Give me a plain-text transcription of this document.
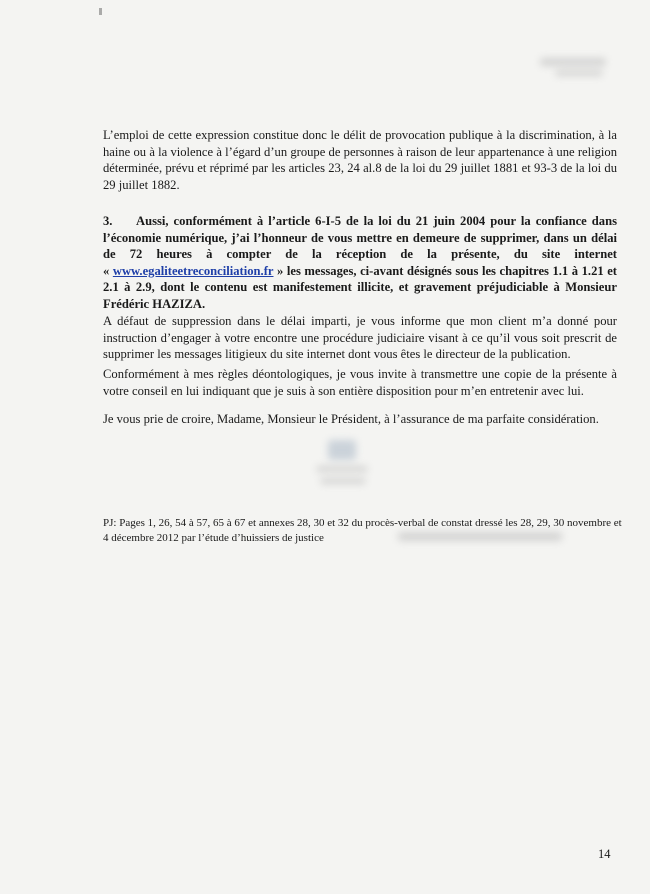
L’emploi de cette expression constitue donc le délit de provocation publique à la discrimination, à la haine ou à la violence à l’égard d’un groupe de personnes à raison de leur appartenance à une religion déterminée, prévu et réprimé par les articles 23, 24 al.8 de la loi du 29 juillet 1881 et 93-3 de la loi du 29 juillet 1882.

3. Aussi, conformément à l’article 6-I-5 de la loi du 21 juin 2004 pour la confiance dans l’économie numérique, j’ai l’honneur de vous mettre en demeure de supprimer, dans un délai de 72 heures à compter de la réception de la présente, du site internet « www.egaliteetreconciliation.fr » les messages, ci-avant désignés sous les chapitres 1.1 à 1.21 et 2.1 à 2.9, dont le contenu est manifestement illicite, et gravement préjudiciable à Monsieur Frédéric HAZIZA.

A défaut de suppression dans le délai imparti, je vous informe que mon client m’a donné pour instruction d’engager à votre encontre une procédure judiciaire visant à ce qu’il vous soit prescrit de supprimer les messages litigieux du site internet dont vous êtes le directeur de la publication.

Conformément à mes règles déontologiques, je vous invite à transmettre une copie de la présente à votre conseil en lui indiquant que je suis à son entière disposition pour m’en entretenir avec lui.

Je vous prie de croire, Madame, Monsieur le Président, à l’assurance de ma parfaite considération.

PJ: Pages 1, 26, 54 à 57, 65 à 67 et annexes 28, 30 et 32 du procès-verbal de constat dressé les 28, 29, 30 novembre et 4 décembre 2012 par l’étude d’huissiers de justice

14
